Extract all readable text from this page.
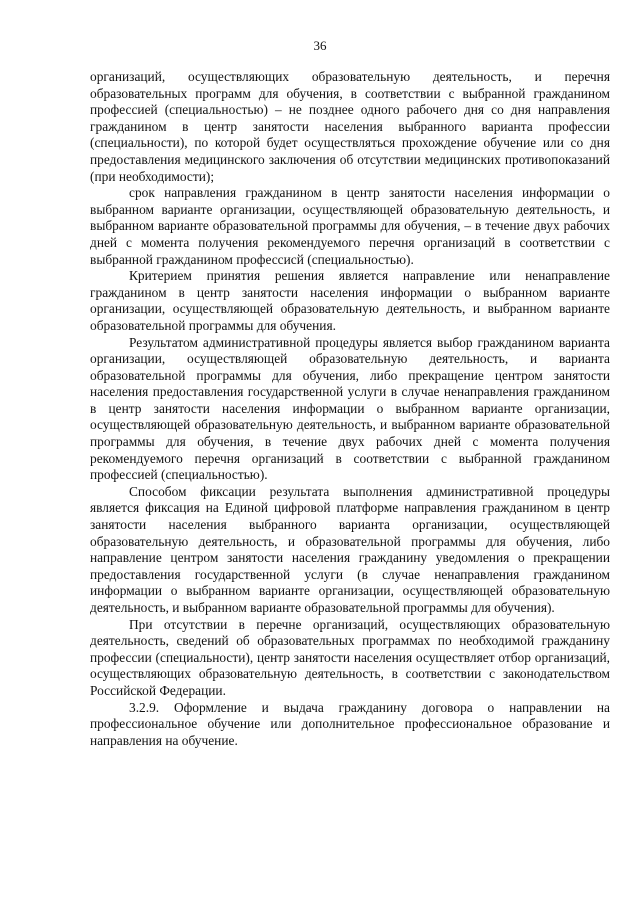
36

организаций, осуществляющих образовательную деятельность, и перечня образовательных программ для обучения, в соответствии с выбранной гражданином профессией (специальностью) – не позднее одного рабочего дня со дня направления гражданином в центр занятости населения выбранного варианта профессии (специальности), по которой будет осуществляться прохождение обучение или со дня предоставления медицинского заключения об отсутствии медицинских противопоказаний (при необходимости);

срок направления гражданином в центр занятости населения информации о выбранном варианте организации, осуществляющей образовательную деятельность, и выбранном варианте образовательной программы для обучения, – в течение двух рабочих дней с момента получения рекомендуемого перечня организаций в соответствии с выбранной гражданином профессисй (специальностью).

Критерием принятия решения является направление или ненаправление гражданином в центр занятости населения информации о выбранном варианте организации, осуществляющей образовательную деятельность, и выбранном варианте образовательной программы для обучения.

Результатом административной процедуры является выбор гражданином варианта организации, осуществляющей образовательную деятельность, и варианта образовательной программы для обучения, либо прекращение центром занятости населения предоставления государственной услуги в случае ненаправления гражданином в центр занятости населения информации о выбранном варианте организации, осуществляющей образовательную деятельность, и выбранном варианте образовательной программы для обучения, в течение двух рабочих дней с момента получения рекомендуемого перечня организаций в соответствии с выбранной гражданином профессией (специальностью).

Способом фиксации результата выполнения административной процедуры является фиксация на Единой цифровой платформе направления гражданином в центр занятости населения выбранного варианта организации, осуществляющей образовательную деятельность, и образовательной программы для обучения, либо направление центром занятости населения гражданину уведомления о прекращении предоставления государственной услуги (в случае ненаправления гражданином информации о выбранном варианте организации, осуществляющей образовательную деятельность, и выбранном варианте образовательной программы для обучения).

При отсутствии в перечне организаций, осуществляющих образовательную деятельность, сведений об образовательных программах по необходимой гражданину профессии (специальности), центр занятости населения осуществляет отбор организаций, осуществляющих образовательную деятельность, в соответствии с законодательством Российской Федерации.

3.2.9. Оформление и выдача гражданину договора о направлении на профессиональное обучение или дополнительное профессиональное образование и направления на обучение.
